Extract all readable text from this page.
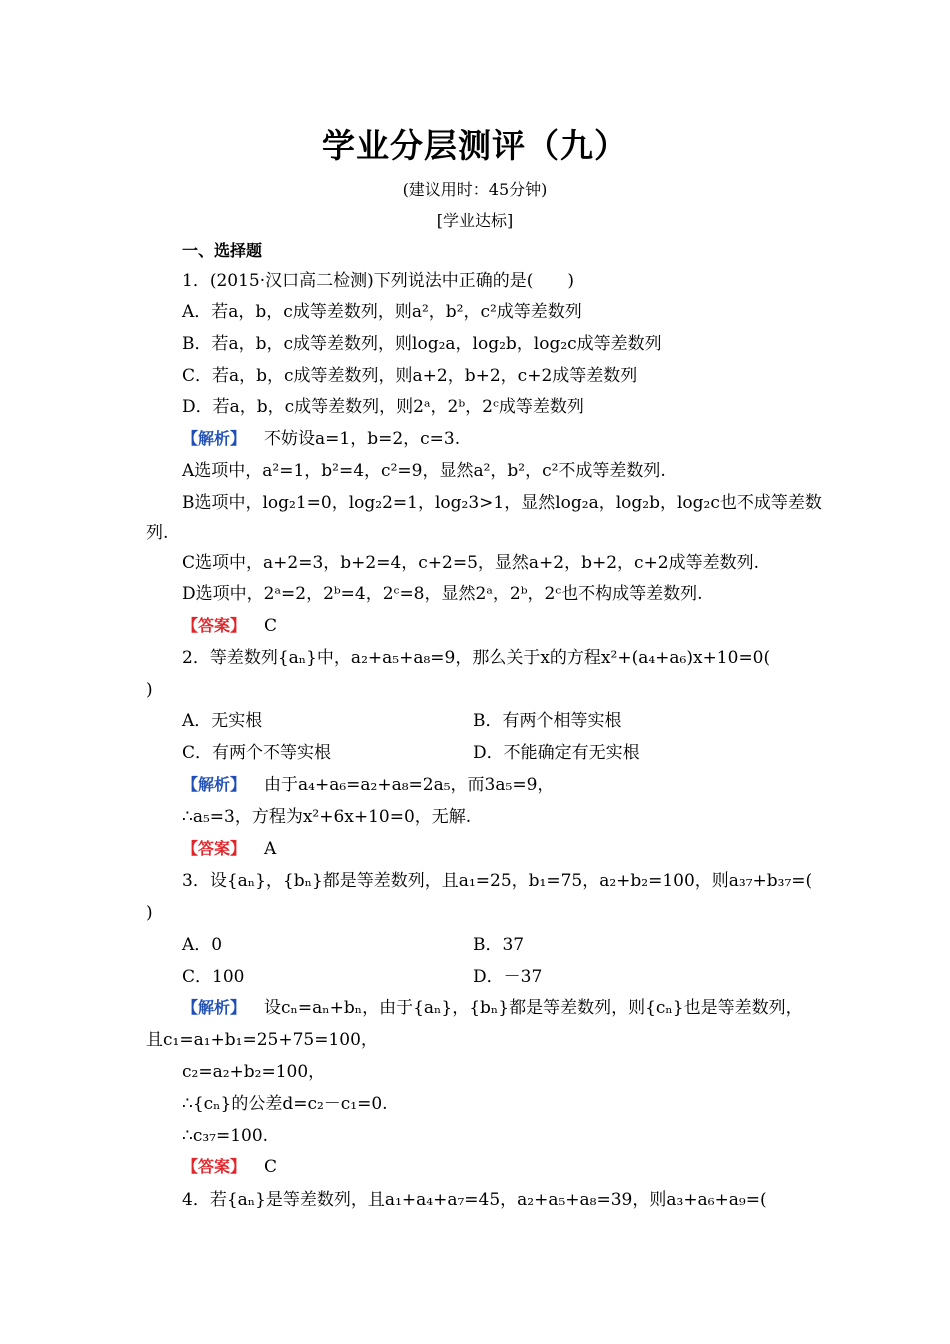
学业分层测评（九）
(建议用时：45分钟)
[学业达标]
一、选择题
1．(2015·汉口高二检测)下列说法中正确的是(　　)
A．若a，b，c成等差数列，则a²，b²，c²成等差数列
B．若a，b，c成等差数列，则log₂a，log₂b，log₂c成等差数列
C．若a，b，c成等差数列，则a+2，b+2，c+2成等差数列
D．若a，b，c成等差数列，则2ᵃ，2ᵇ，2ᶜ成等差数列
【解析】 不妨设a=1，b=2，c=3.
A选项中，a²=1，b²=4，c²=9，显然a²，b²，c²不成等差数列.
B选项中，log₂1=0，log₂2=1，log₂3>1，显然log₂a，log₂b，log₂c也不成等差数
列.
C选项中，a+2=3，b+2=4，c+2=5，显然a+2，b+2，c+2成等差数列.
D选项中，2ᵃ=2，2ᵇ=4，2ᶜ=8，显然2ᵃ，2ᵇ，2ᶜ也不构成等差数列.
【答案】 C
2．等差数列{aₙ}中，a₂+a₅+a₈=9，那么关于x的方程x²+(a₄+a₆)x+10=0(
)
A．无实根	B．有两个相等实根
C．有两个不等实根	D．不能确定有无实根
【解析】 由于a₄+a₆=a₂+a₈=2a₅，而3a₅=9，
∴a₅=3，方程为x²+6x+10=0，无解.
【答案】 A
3．设{aₙ}，{bₙ}都是等差数列，且a₁=25，b₁=75，a₂+b₂=100，则a₃₇+b₃₇=(
)
A．0	B．37
C．100	D．－37
【解析】 设cₙ=aₙ+bₙ，由于{aₙ}，{bₙ}都是等差数列，则{cₙ}也是等差数列，
且c₁=a₁+b₁=25+75=100，
c₂=a₂+b₂=100，
∴{cₙ}的公差d=c₂－c₁=0.
∴c₃₇=100.
【答案】 C
4．若{aₙ}是等差数列，且a₁+a₄+a₇=45，a₂+a₅+a₈=39，则a₃+a₆+a₉=(
